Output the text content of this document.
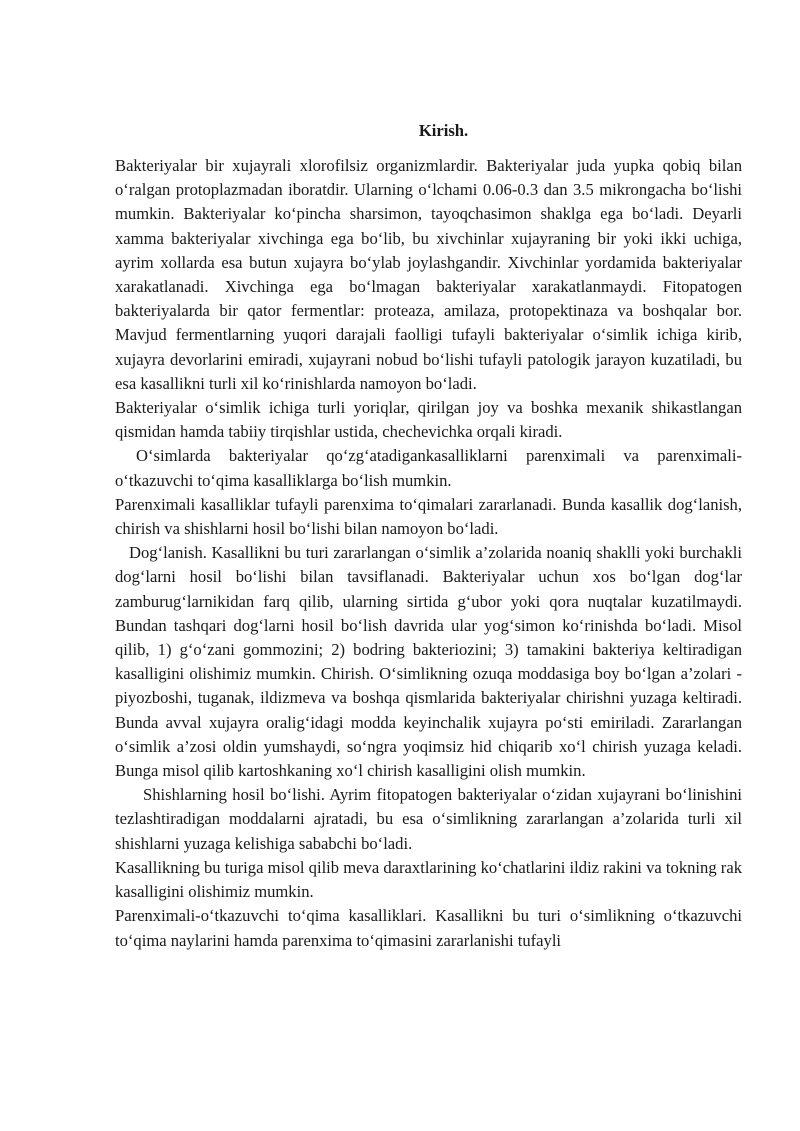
Kirish.

Bakteriyalar bir xujayrali xlorofilsiz organizmlardir. Bakteriyalar juda yupka qobiq bilan o‘ralgan protoplazmadan iboratdir. Ularning o‘lchami 0.06-0.3 dan 3.5 mikrongacha bo‘lishi mumkin. Bakteriyalar ko‘pincha sharsimon, tayoqchasimon shaklga ega bo‘ladi. Deyarli xamma bakteriyalar xivchinga ega bo‘lib, bu xivchinlar xujayraning bir yoki ikki uchiga, ayrim xollarda esa butun xujayra bo‘ylab joylashgandir. Xivchinlar yordamida bakteriyalar xarakatlanadi. Xivchinga ega bo‘lmagan bakteriyalar xarakatlanmaydi. Fitopatogen bakteriyalarda bir qator fermentlar: proteaza, amilaza, protopektinaza va boshqalar bor. Mavjud fermentlarning yuqori darajali faolligi tufayli bakteriyalar o‘simlik ichiga kirib, xujayra devorlarini emiradi, xujayrani nobud bo‘lishi tufayli patologik jarayon kuzatiladi, bu esa kasallikni turli xil ko‘rinishlarda namoyon bo‘ladi.

Bakteriyalar o‘simlik ichiga turli yoriqlar, qirilgan joy va boshka mexanik shikastlangan qismidan hamda tabiiy tirqishlar ustida, chechevichka orqali kiradi.

O‘simlarda bakteriyalar qo‘zg‘atadigankasalliklarni parenximali va parenximali-o‘tkazuvchi to‘qima kasalliklarga bo‘lish mumkin.

Parenximali kasalliklar tufayli parenxima to‘qimalari zararlanadi. Bunda kasallik dog‘lanish, chirish va shishlarni hosil bo‘lishi bilan namoyon bo‘ladi.

Dog‘lanish. Kasallikni bu turi zararlangan o‘simlik a’zolarida noaniq shaklli yoki burchakli dog‘larni hosil bo‘lishi bilan tavsiflanadi. Bakteriyalar uchun xos bo‘lgan dog‘lar zamburug‘larnikidan farq qilib, ularning sirtida g‘ubor yoki qora nuqtalar kuzatilmaydi. Bundan tashqari dog‘larni hosil bo‘lish davrida ular yog‘simon ko‘rinishda bo‘ladi. Misol qilib, 1) g‘o‘zani gommozini; 2) bodring bakteriozini; 3) tamakini bakteriya keltiradigan kasalligini olishimiz mumkin. Chirish. O‘simlikning ozuqa moddasiga boy bo‘lgan a’zolari -piyozboshi, tuganak, ildizmeva va boshqa qismlarida bakteriyalar chirishni yuzaga keltiradi. Bunda avval xujayra oralig‘idagi modda keyinchalik xujayra po‘sti emiriladi. Zararlangan o‘simlik a’zosi oldin yumshaydi, so‘ngra yoqimsiz hid chiqarib xo‘l chirish yuzaga keladi. Bunga misol qilib kartoshkaning xo‘l chirish kasalligini olish mumkin.

Shishlarning hosil bo‘lishi. Ayrim fitopatogen bakteriyalar o‘zidan xujayrani bo‘linishini tezlashtiradigan moddalarni ajratadi, bu esa o‘simlikning zararlangan a’zolarida turli xil shishlarni yuzaga kelishiga sababchi bo‘ladi.

Kasallikning bu turiga misol qilib meva daraxtlarining ko‘chatlarini ildiz rakini va tokning rak kasalligini olishimiz mumkin.

Parenximali-o‘tkazuvchi to‘qima kasalliklari. Kasallikni bu turi o‘simlikning o‘tkazuvchi to‘qima naylarini hamda parenxima to‘qimasini zararlanishi tufayli
